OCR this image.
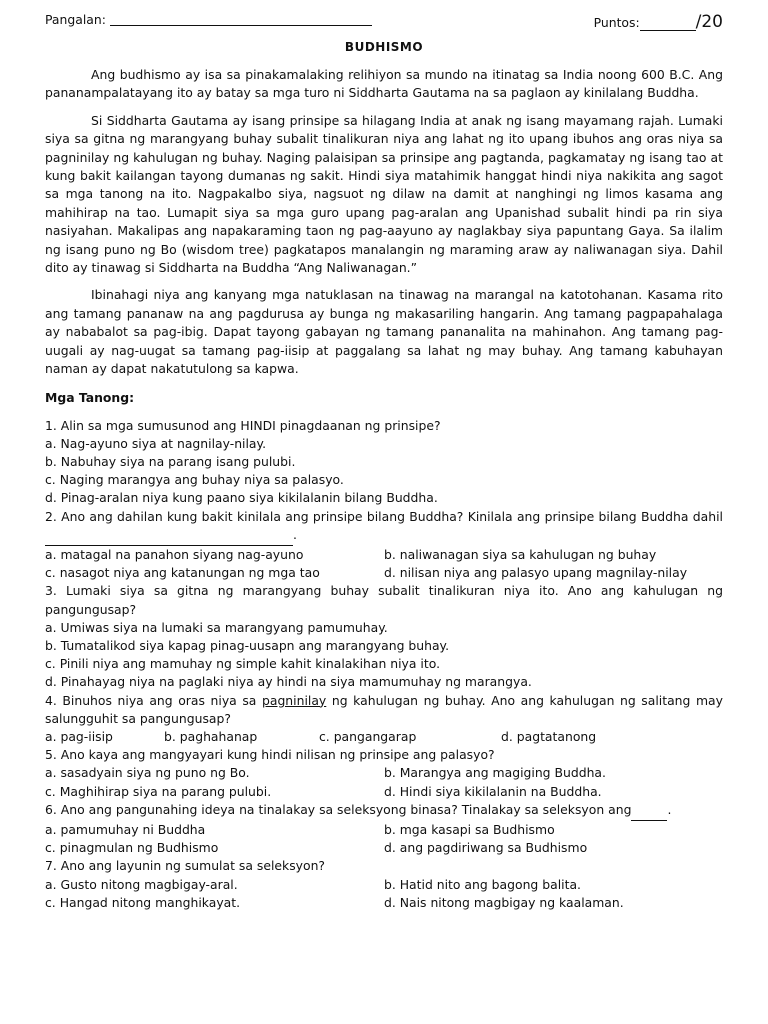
Pangalan:	Puntos:	/20
BUDHISMO

Ang budhismo ay isa sa pinakamalaking relihiyon sa mundo na itinatag sa India noong 600 B.C. Ang pananampalatayang ito ay batay sa mga turo ni Siddharta Gautama na sa paglaon ay kinilalang Buddha.

Si Siddharta Gautama ay isang prinsipe sa hilagang India at anak ng isang mayamang rajah. Lumaki siya sa gitna ng marangyang buhay subalit tinalikuran niya ang lahat ng ito upang ibuhos ang oras niya sa pagninilay ng kahulugan ng buhay. Naging palaisipan sa prinsipe ang pagtanda, pagkamatay ng isang tao at kung bakit kailangan tayong dumanas ng sakit. Hindi siya matahimik hanggat hindi niya nakikita ang sagot sa mga tanong na ito. Nagpakalbo siya, nagsuot ng dilaw na damit at nanghingi ng limos kasama ang mahihirap na tao. Lumapit siya sa mga guro upang pag-aralan ang Upanishad subalit hindi pa rin siya nasiyahan. Makalipas ang napakaraming taon ng pag-aayuno ay naglakbay siya papuntang Gaya. Sa ilalim ng isang puno ng Bo (wisdom tree) pagkatapos manalangin ng maraming araw ay naliwanagan siya. Dahil dito ay tinawag si Siddharta na Buddha “Ang Naliwanagan.”

Ibinahagi niya ang kanyang mga natuklasan na tinawag na marangal na katotohanan. Kasama rito ang tamang pananaw na ang pagdurusa ay bunga ng makasariling hangarin. Ang tamang pagpapahalaga ay nababalot sa pag-ibig. Dapat tayong gabayan ng tamang pananalita na mahinahon. Ang tamang pag-uugali ay nag-uugat sa tamang pag-iisip at paggalang sa lahat ng may buhay. Ang tamang kabuhayan naman ay dapat nakatutulong sa kapwa.

Mga Tanong:

1. Alin sa mga sumusunod ang HINDI pinagdaanan ng prinsipe?

a. Nag-ayuno siya at nagnilay-nilay.

b. Nabuhay siya na parang isang pulubi.

c. Naging marangya ang buhay niya sa palasyo.

d. Pinag-aralan niya kung paano siya kikilalanin bilang Buddha.

2. Ano ang dahilan kung bakit kinilala ang prinsipe bilang Buddha? Kinilala ang prinsipe bilang Buddha dahil  .

a. matagal na panahon siyang nag-ayuno	b. naliwanagan siya sa kahulugan ng buhay
c. nasagot niya ang katanungan ng mga tao	d. nilisan niya ang palasyo upang magnilay-nilay

3. Lumaki siya sa gitna ng marangyang buhay subalit tinalikuran niya ito. Ano ang kahulugan ng pangungusap?

a. Umiwas siya na lumaki sa marangyang pamumuhay.

b. Tumatalikod siya kapag pinag-uusapn ang marangyang buhay.

c. Pinili niya ang mamuhay ng simple kahit kinalakihan niya ito.

d. Pinahayag niya na paglaki niya ay hindi na siya mamumuhay ng marangya.

4. Binuhos niya ang oras niya sa pagninilay ng kahulugan ng buhay. Ano ang kahulugan ng salitang may salungguhit sa pangungusap?

a. pag-iisip	b. paghahanap	c. pangangarap	d. pagtatanong

5. Ano kaya ang mangyayari kung hindi nilisan ng prinsipe ang palasyo?

a. sasadyain siya ng puno ng Bo.	b. Marangya ang magiging Buddha.
c. Maghihirap siya na parang pulubi.	d. Hindi siya kikilalanin na Buddha.

6. Ano ang pangunahing ideya na tinalakay sa seleksyong binasa? Tinalakay sa seleksyon ang	.

a. pamumuhay ni Buddha	b. mga kasapi sa Budhismo
c. pinagmulan ng Budhismo	d. ang pagdiriwang sa Budhismo

7. Ano ang layunin ng sumulat sa seleksyon?

a. Gusto nitong magbigay-aral.	b. Hatid nito ang bagong balita.
c. Hangad nitong manghikayat.	d. Nais nitong magbigay ng kaalaman.
